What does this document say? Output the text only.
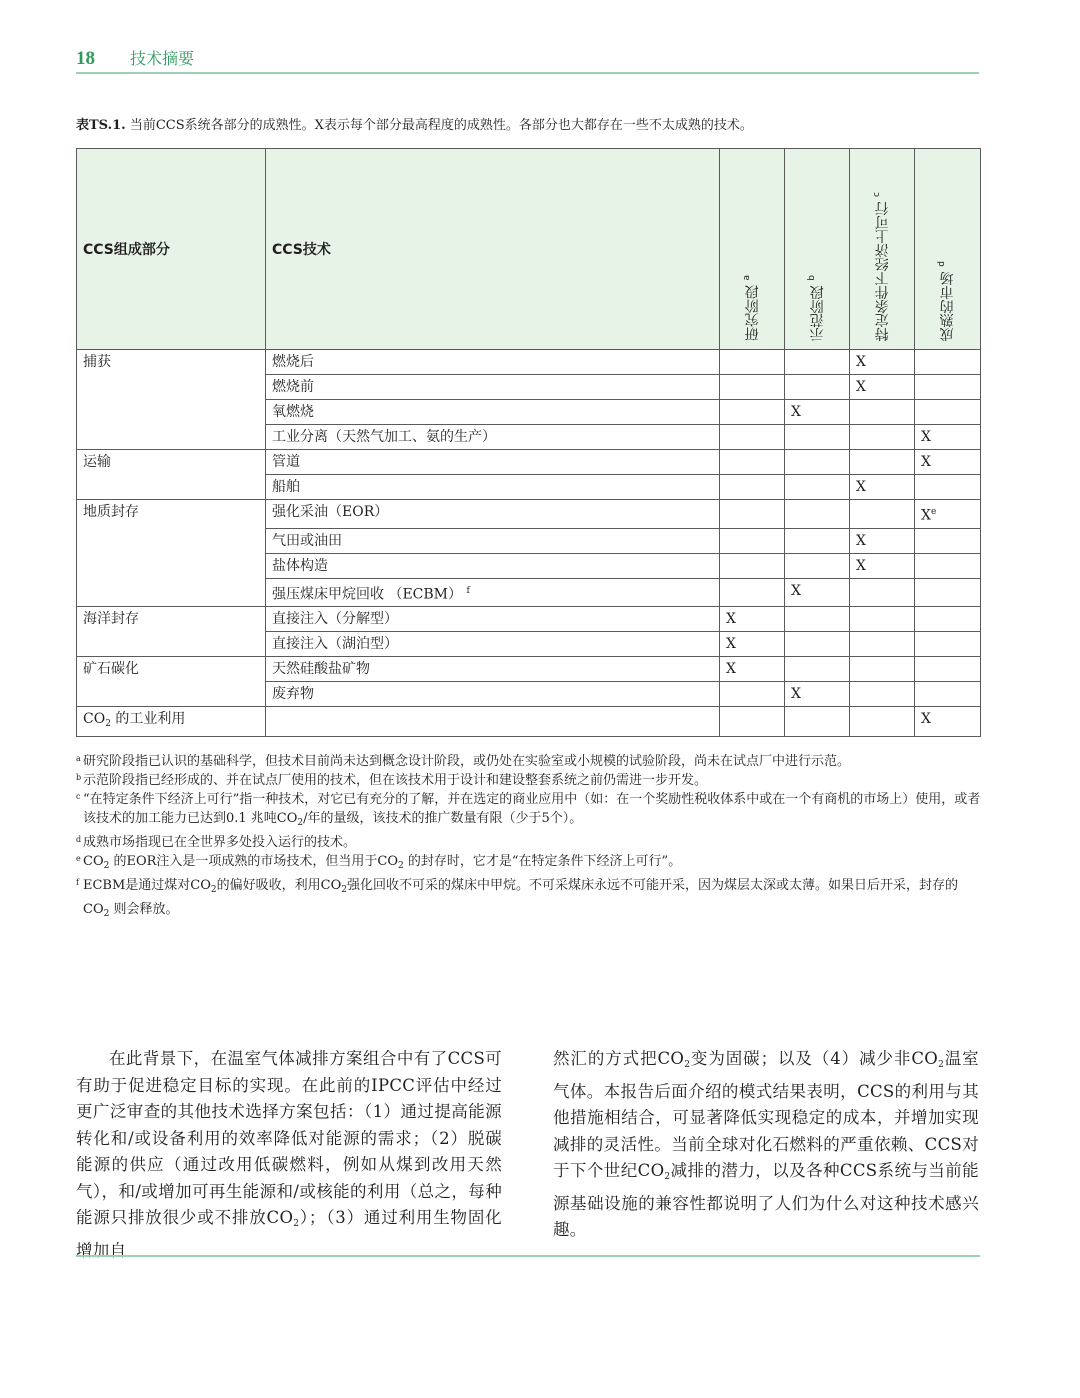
18 技术摘要
表TS.1. 当前CCS系统各部分的成熟性。X表示每个部分最高程度的成熟性。各部分也大都存在一些不太成熟的技术。
CCS组成部分	CCS技术	研究阶段 $^a$	示范阶段 $^b$	特定条件下经济上可行 $^c$	成熟的市场 $^d$

捕获	燃烧后			X	
	燃烧前			X	
	氧燃烧		X		
	工业分离（天然气加工、氨的生产）				X
运输	管道				X
	船舶			X	
地质封存	强化采油（EOR）				Xe
	气田或油田			X	
	盐体构造			X	
	强压煤床甲烷回收 （ECBM） $^f$		X		
海洋封存	直接注入（分解型）	X			
	直接注入（湖泊型）	X			
矿石碳化	天然硅酸盐矿物	X			
	废弃物		X		
$CO_2$ 的工业利用					X
a 研究阶段指已认识的基础科学，但技术目前尚未达到概念设计阶段，或仍处在实验室或小规模的试验阶段，尚未在试点厂中进行示范。
b 示范阶段指已经形成的、并在试点厂使用的技术，但在该技术用于设计和建设整套系统之前仍需进一步开发。
c “在特定条件下经济上可行”指一种技术，对它已有充分的了解，并在选定的商业应用中（如：在一个奖励性税收体系中或在一个有商机的市场上）使用，或者该技术的加工能力已达到0.1 兆吨$CO_2/$年的量级，该技术的推广数量有限（少于5个）。
d 成熟市场指现已在全世界多处投入运行的技术。
e $CO_2$ 的EOR注入是一项成熟的市场技术，但当用于$CO_2$ 的封存时，它才是“在特定条件下经济上可行”。
f ECBM是通过煤对$CO_2$的偏好吸收，利用$CO_2$强化回收不可采的煤床中甲烷。不可采煤床永远不可能开采，因为煤层太深或太薄。如果日后开采，封存的$CO_2$ 则会释放。
在此背景下，在温室气体减排方案组合中有了CCS可有助于促进稳定目标的实现。在此前的IPCC评估中经过更广泛审查的其他技术选择方案包括：（1）通过提高能源转化和/或设备利用的效率降低对能源的需求；（2）脱碳能源的供应（通过改用低碳燃料，例如从煤到改用天然气），和/或增加可再生能源和/或核能的利用（总之，每种能源只排放很少或不排放$CO_2$）；（3）通过利用生物固化增加自
然汇的方式把$CO_2$变为固碳；以及（4）减少非$CO_2$温室气体。本报告后面介绍的模式结果表明，CCS的利用与其他措施相结合，可显著降低实现稳定的成本，并增加实现减排的灵活性。当前全球对化石燃料的严重依赖、CCS对于下个世纪$CO_2$减排的潜力，以及各种CCS系统与当前能源基础设施的兼容性都说明了人们为什么对这种技术感兴趣。
